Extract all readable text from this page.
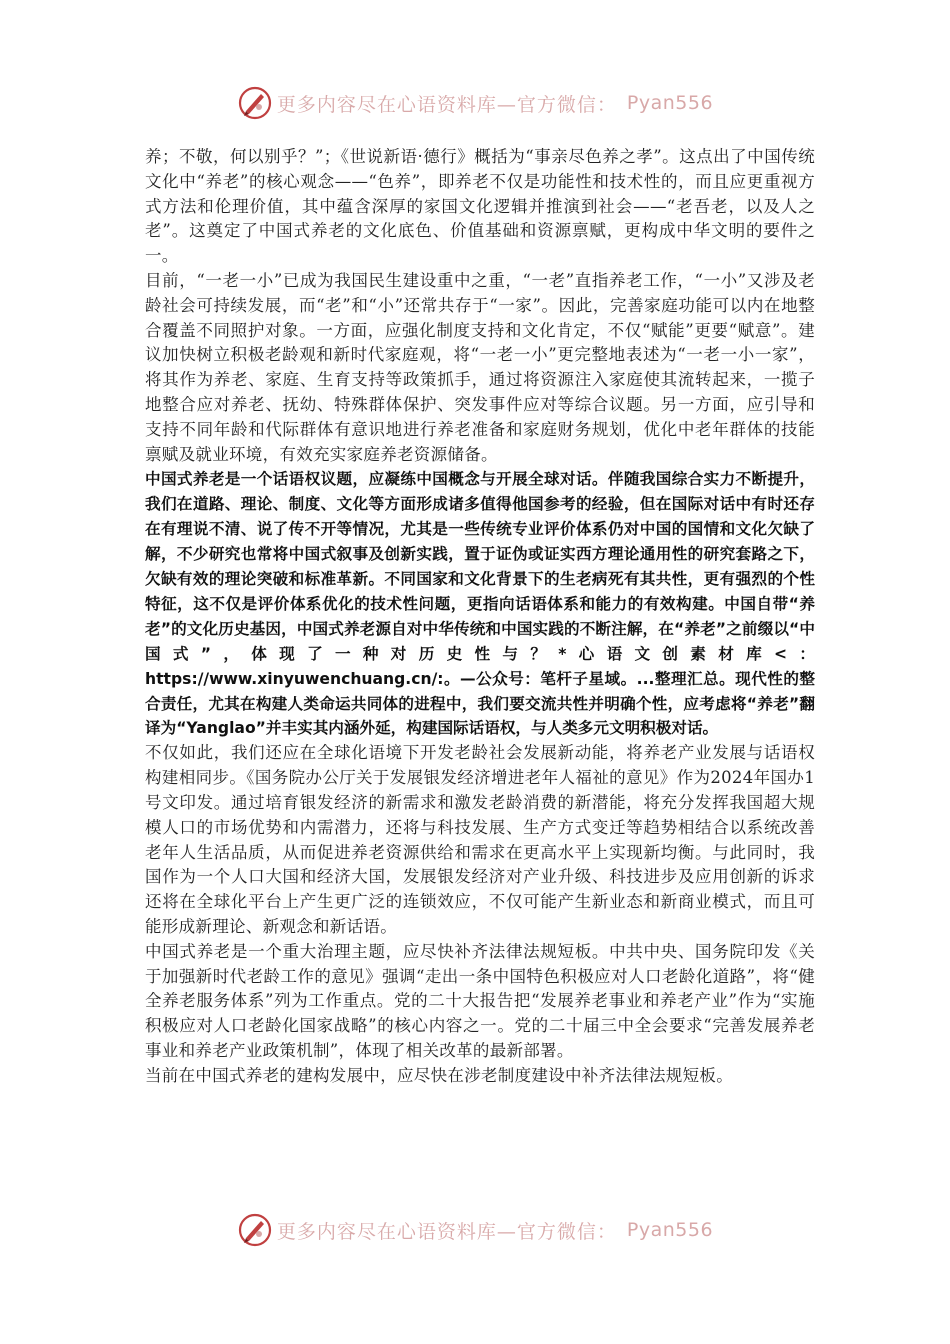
更多内容尽在心语资料库—官方微信： Pyan556

养；不敬，何以别乎？”；《世说新语·德行》概括为“事亲尽色养之孝”。这点出了中国传统文化中“养老”的核心观念——“色养”，即养老不仅是功能性和技术性的，而且应更重视方式方法和伦理价值，其中蕴含深厚的家国文化逻辑并推演到社会——“老吾老，以及人之老”。这奠定了中国式养老的文化底色、价值基础和资源禀赋，更构成中华文明的要件之一。

目前，“一老一小”已成为我国民生建设重中之重，“一老”直指养老工作，“一小”又涉及老龄社会可持续发展，而“老”和“小”还常共存于“一家”。因此，完善家庭功能可以内在地整合覆盖不同照护对象。一方面，应强化制度支持和文化肯定，不仅“赋能”更要“赋意”。建议加快树立积极老龄观和新时代家庭观，将“一老一小”更完整地表述为“一老一小一家”，将其作为养老、家庭、生育支持等政策抓手，通过将资源注入家庭使其流转起来，一揽子地整合应对养老、抚幼、特殊群体保护、突发事件应对等综合议题。另一方面，应引导和支持不同年龄和代际群体有意识地进行养老准备和家庭财务规划，优化中老年群体的技能禀赋及就业环境，有效充实家庭养老资源储备。

中国式养老是一个话语权议题，应凝练中国概念与开展全球对话。伴随我国综合实力不断提升，我们在道路、理论、制度、文化等方面形成诸多值得他国参考的经验，但在国际对话中有时还存在有理说不清、说了传不开等情况，尤其是一些传统专业评价体系仍对中国的国情和文化欠缺了解，不少研究也常将中国式叙事及创新实践，置于证伪或证实西方理论通用性的研究套路之下，欠缺有效的理论突破和标准革新。不同国家和文化背景下的生老病死有其共性，更有强烈的个性特征，这不仅是评价体系优化的技术性问题，更指向话语体系和能力的有效构建。中国自带“养老”的文化历史基因，中国式养老源自对中华传统和中国实践的不断注解，在“养老”之前缀以“中国式”，体现了一种对历史性与？*心语文创素材库<：https://www.xinyuwenchuang.cn/:。—公众号：笔杆子星域。...整理汇总。现代性的整合责任，尤其在构建人类命运共同体的进程中，我们要交流共性并明确个性，应考虑将“养老”翻译为“Yanglao”并丰实其内涵外延，构建国际话语权，与人类多元文明积极对话。

不仅如此，我们还应在全球化语境下开发老龄社会发展新动能，将养老产业发展与话语权构建相同步。《国务院办公厅关于发展银发经济增进老年人福祉的意见》作为2024年国办1号文印发。通过培育银发经济的新需求和激发老龄消费的新潜能，将充分发挥我国超大规模人口的市场优势和内需潜力，还将与科技发展、生产方式变迁等趋势相结合以系统改善老年人生活品质，从而促进养老资源供给和需求在更高水平上实现新均衡。与此同时，我国作为一个人口大国和经济大国，发展银发经济对产业升级、科技进步及应用创新的诉求还将在全球化平台上产生更广泛的连锁效应，不仅可能产生新业态和新商业模式，而且可能形成新理论、新观念和新话语。

中国式养老是一个重大治理主题，应尽快补齐法律法规短板。中共中央、国务院印发《关于加强新时代老龄工作的意见》强调“走出一条中国特色积极应对人口老龄化道路”，将“健全养老服务体系”列为工作重点。党的二十大报告把“发展养老事业和养老产业”作为“实施积极应对人口老龄化国家战略”的核心内容之一。党的二十届三中全会要求“完善发展养老事业和养老产业政策机制”，体现了相关改革的最新部署。

当前在中国式养老的建构发展中，应尽快在涉老制度建设中补齐法律法规短板。

更多内容尽在心语资料库—官方微信： Pyan556
